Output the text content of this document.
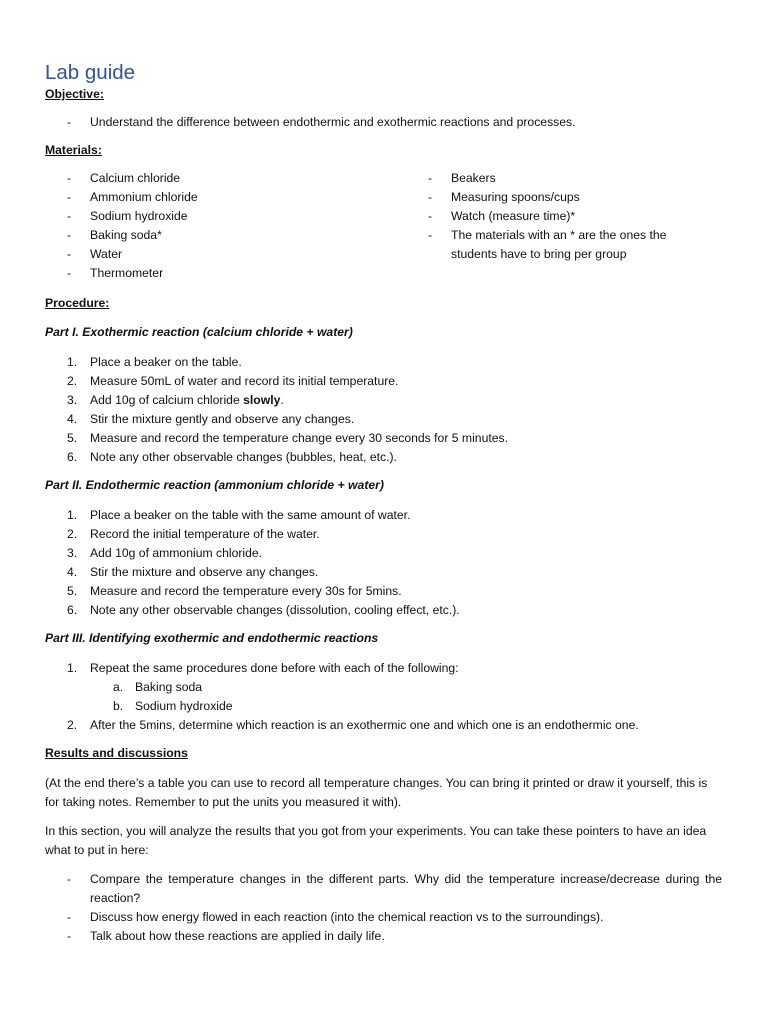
Lab guide
Objective:
- Understand the difference between endothermic and exothermic reactions and processes.
Materials:
- Calcium chloride
- Ammonium chloride
- Sodium hydroxide
- Baking soda*
- Water
- Thermometer
- Beakers
- Measuring spoons/cups
- Watch (measure time)*
- The materials with an * are the ones the students have to bring per group
Procedure:
Part I. Exothermic reaction (calcium chloride + water)
1. Place a beaker on the table.
2. Measure 50mL of water and record its initial temperature.
3. Add 10g of calcium chloride slowly.
4. Stir the mixture gently and observe any changes.
5. Measure and record the temperature change every 30 seconds for 5 minutes.
6. Note any other observable changes (bubbles, heat, etc.).
Part II. Endothermic reaction (ammonium chloride + water)
1. Place a beaker on the table with the same amount of water.
2. Record the initial temperature of the water.
3. Add 10g of ammonium chloride.
4. Stir the mixture and observe any changes.
5. Measure and record the temperature every 30s for 5mins.
6. Note any other observable changes (dissolution, cooling effect, etc.).
Part III. Identifying exothermic and endothermic reactions
1. Repeat the same procedures done before with each of the following:
a. Baking soda
b. Sodium hydroxide
2. After the 5mins, determine which reaction is an exothermic one and which one is an endothermic one.
Results and discussions

(At the end there’s a table you can use to record all temperature changes. You can bring it printed or draw it yourself, this is for taking notes. Remember to put the units you measured it with).

In this section, you will analyze the results that you got from your experiments. You can take these pointers to have an idea what to put in here:

- Compare the temperature changes in the different parts. Why did the temperature increase/decrease during the reaction?
- Discuss how energy flowed in each reaction (into the chemical reaction vs to the surroundings).
- Talk about how these reactions are applied in daily life.
